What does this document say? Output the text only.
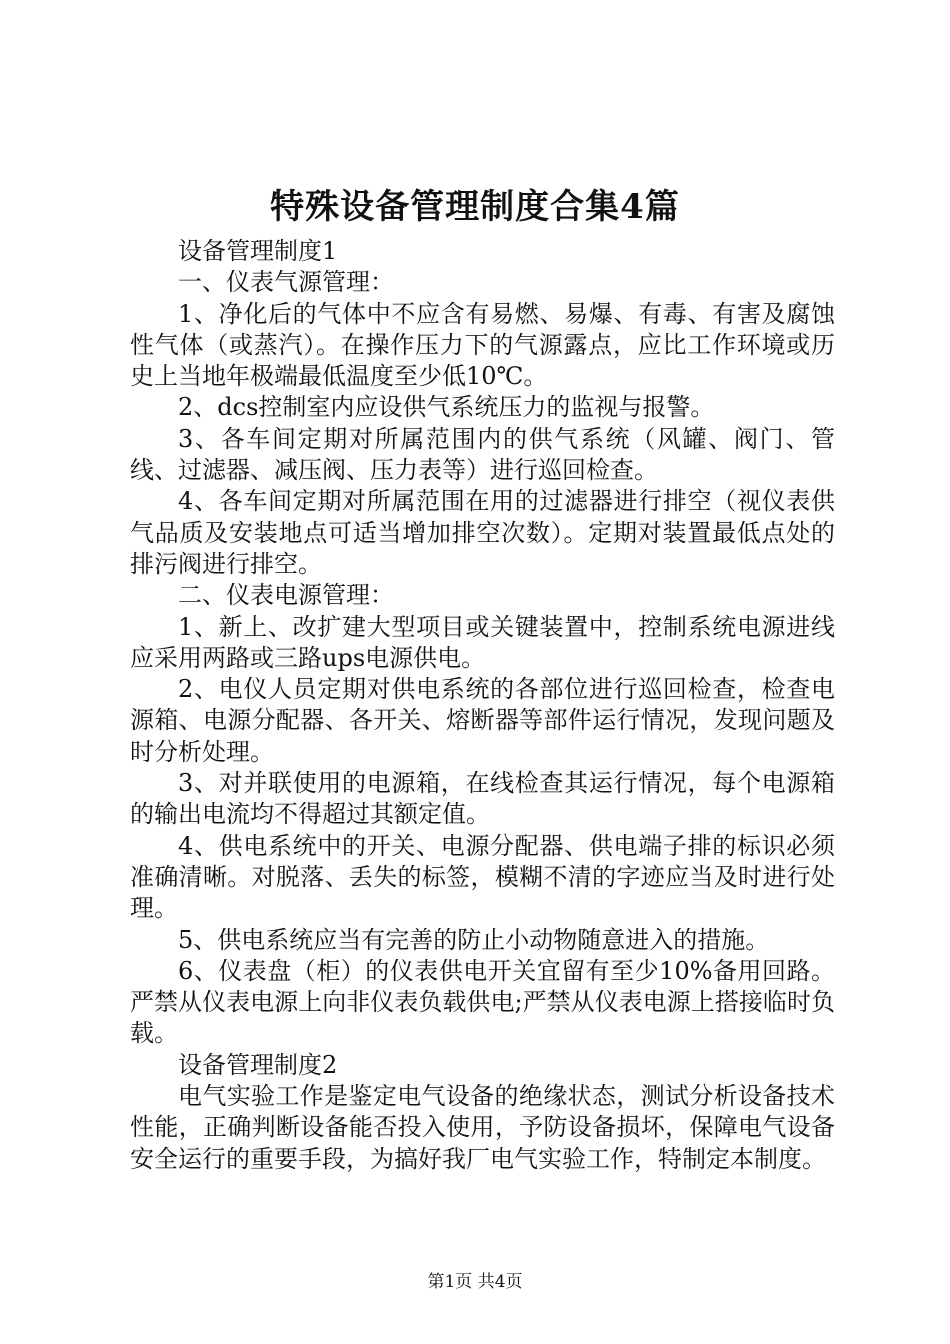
特殊设备管理制度合集4篇

设备管理制度1

一、仪表气源管理：

1、净化后的气体中不应含有易燃、易爆、有毒、有害及腐蚀性气体（或蒸汽）。在操作压力下的气源露点，应比工作环境或历史上当地年极端最低温度至少低10℃。

2、dcs控制室内应设供气系统压力的监视与报警。

3、各车间定期对所属范围内的供气系统（风罐、阀门、管线、过滤器、减压阀、压力表等）进行巡回检查。

4、各车间定期对所属范围在用的过滤器进行排空（视仪表供气品质及安装地点可适当增加排空次数）。定期对装置最低点处的排污阀进行排空。

二、仪表电源管理：

1、新上、改扩建大型项目或关键装置中，控制系统电源进线应采用两路或三路ups电源供电。

2、电仪人员定期对供电系统的各部位进行巡回检查，检查电源箱、电源分配器、各开关、熔断器等部件运行情况，发现问题及时分析处理。

3、对并联使用的电源箱，在线检查其运行情况，每个电源箱的输出电流均不得超过其额定值。

4、供电系统中的开关、电源分配器、供电端子排的标识必须准确清晰。对脱落、丢失的标签，模糊不清的字迹应当及时进行处理。

5、供电系统应当有完善的防止小动物随意进入的措施。

6、仪表盘（柜）的仪表供电开关宜留有至少10%备用回路。严禁从仪表电源上向非仪表负载供电;严禁从仪表电源上搭接临时负载。

设备管理制度2

电气实验工作是鉴定电气设备的绝缘状态，测试分析设备技术性能，正确判断设备能否投入使用，予防设备损坏，保障电气设备安全运行的重要手段，为搞好我厂电气实验工作，特制定本制度。

第1页 共4页
